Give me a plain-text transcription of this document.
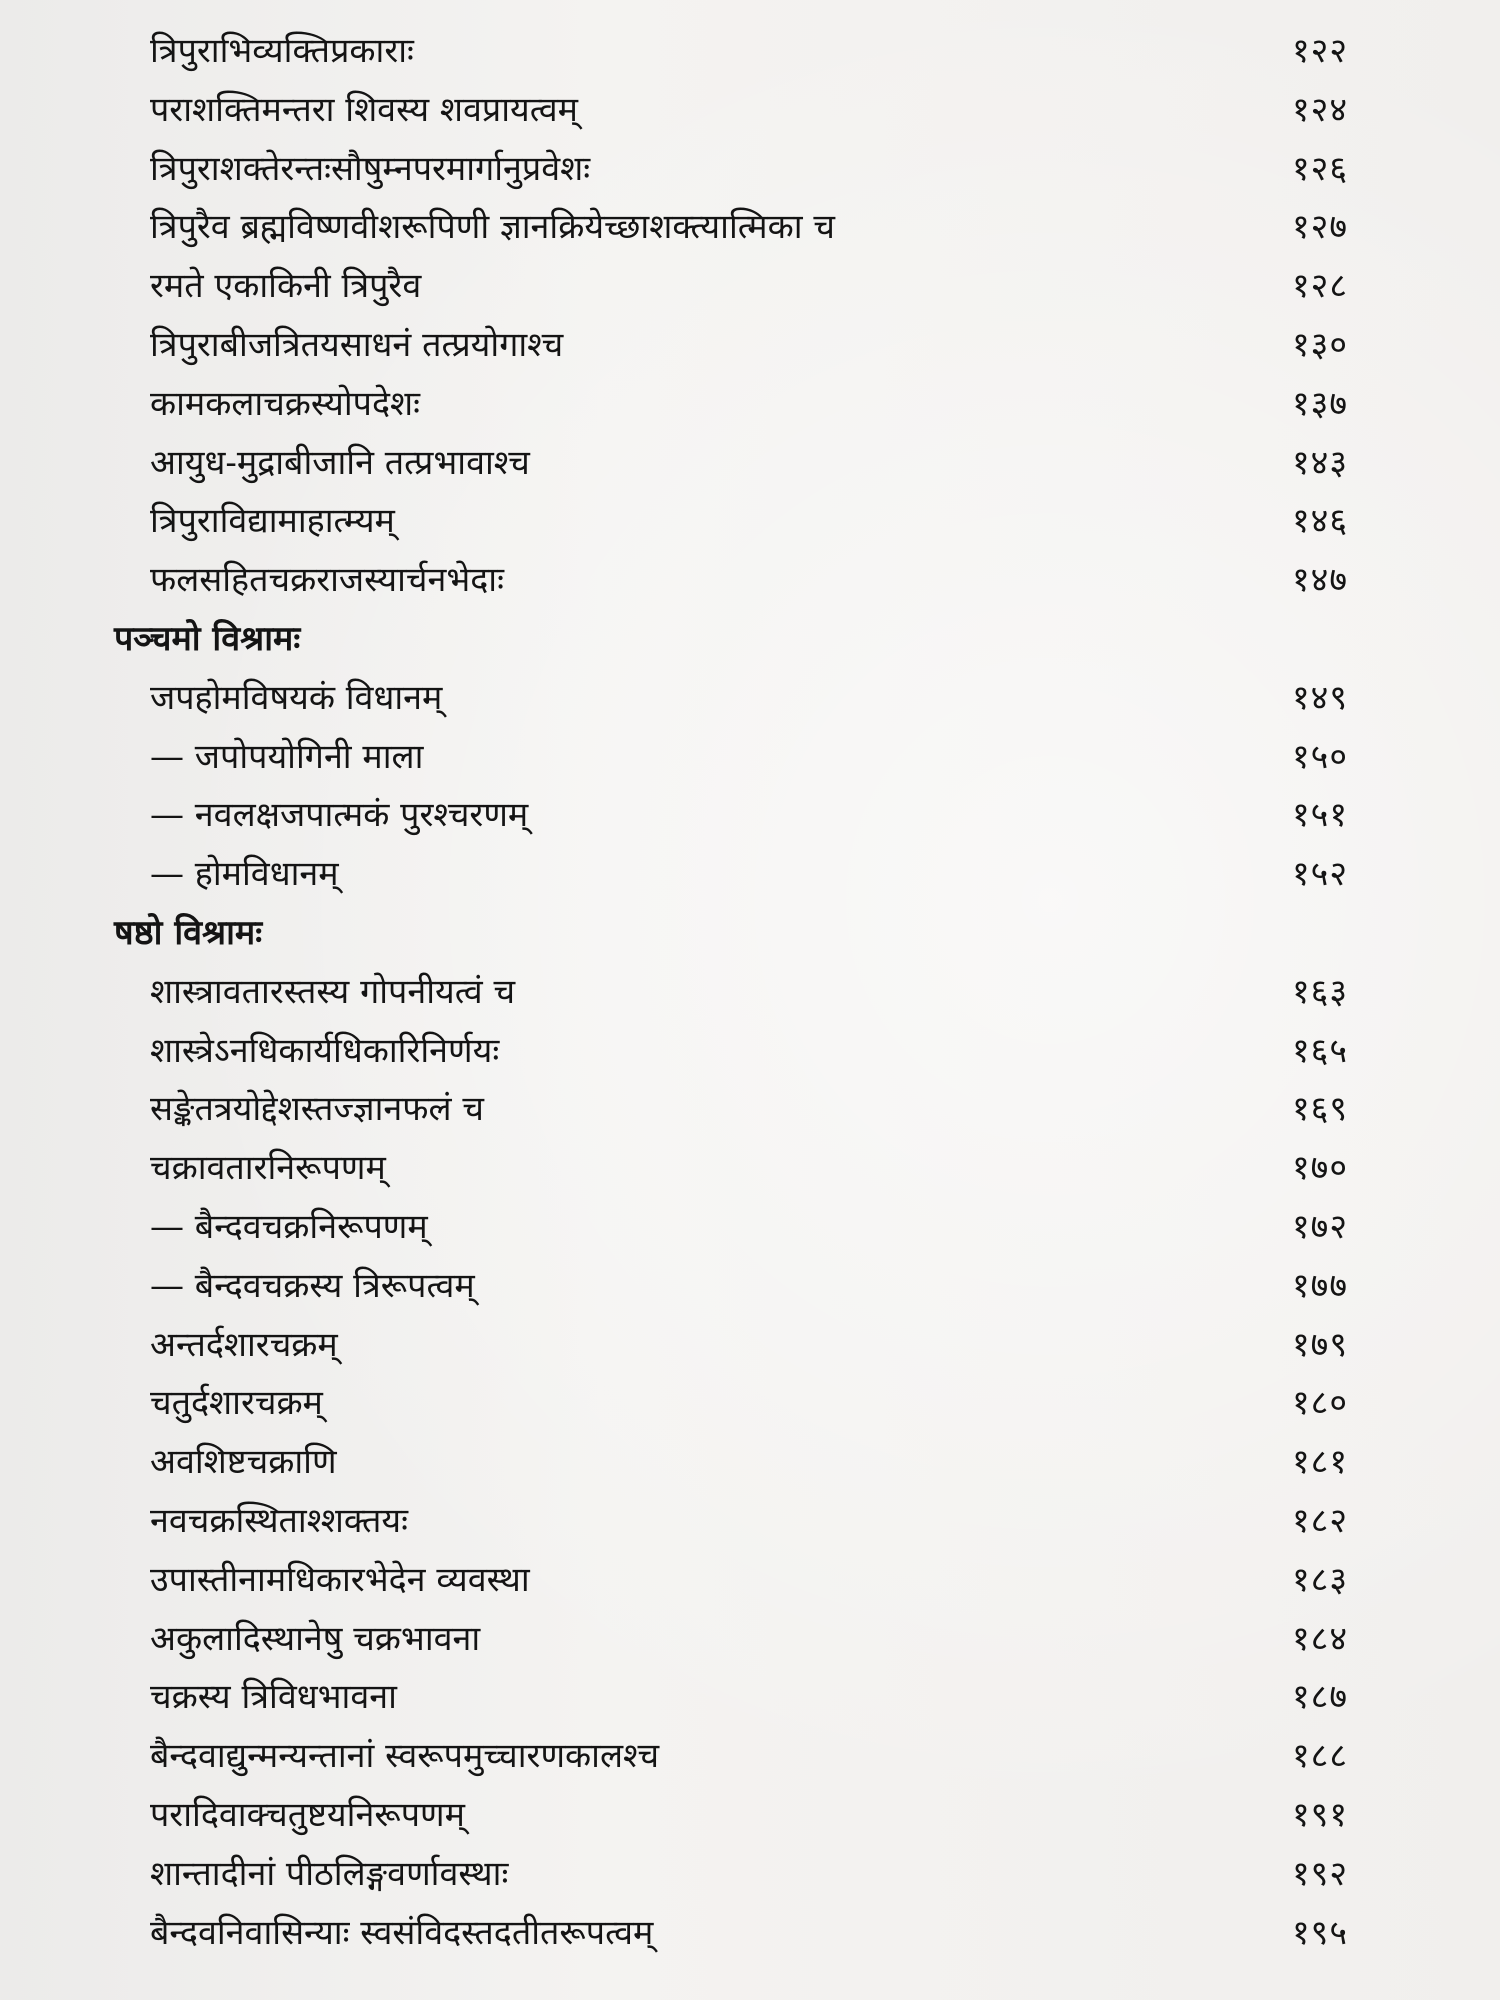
त्रिपुराभिव्यक्तिप्रकाराः	१२२
पराशक्तिमन्तरा शिवस्य शवप्रायत्वम्	१२४
त्रिपुराशक्तेरन्तःसौषुम्नपरमार्गानुप्रवेशः	१२६
त्रिपुरैव ब्रह्मविष्णवीशरूपिणी ज्ञानक्रियेच्छाशक्त्यात्मिका च	१२७
रमते एकाकिनी त्रिपुरैव	१२८
त्रिपुराबीजत्रितयसाधनं तत्प्रयोगाश्च	१३०
कामकलाचक्रस्योपदेशः	१३७
आयुध-मुद्राबीजानि तत्प्रभावाश्च	१४३
त्रिपुराविद्यामाहात्म्यम्	१४६
फलसहितचक्रराजस्यार्चनभेदाः	१४७
पञ्चमो विश्रामः
जपहोमविषयकं विधानम्	१४९
— जपोपयोगिनी माला	१५०
— नवलक्षजपात्मकं पुरश्चरणम्	१५१
— होमविधानम्	१५२
षष्ठो विश्रामः
शास्त्रावतारस्तस्य गोपनीयत्वं च	१६३
शास्त्रेऽनधिकार्यधिकारिनिर्णयः	१६५
सङ्केतत्रयोद्देशस्तज्ज्ञानफलं च	१६९
चक्रावतारनिरूपणम्	१७०
— बैन्दवचक्रनिरूपणम्	१७२
— बैन्दवचक्रस्य त्रिरूपत्वम्	१७७
अन्तर्दशारचक्रम्	१७९
चतुर्दशारचक्रम्	१८०
अवशिष्टचक्राणि	१८१
नवचक्रस्थिताश्शक्तयः	१८२
उपास्तीनामधिकारभेदेन व्यवस्था	१८३
अकुलादिस्थानेषु चक्रभावना	१८४
चक्रस्य त्रिविधभावना	१८७
बैन्दवाद्युन्मन्यन्तानां स्वरूपमुच्चारणकालश्च	१८८
परादिवाक्चतुष्टयनिरूपणम्	१९१
शान्तादीनां पीठलिङ्गवर्णावस्थाः	१९२
बैन्दवनिवासिन्याः स्वसंविदस्तदतीतरूपत्वम्	१९५
